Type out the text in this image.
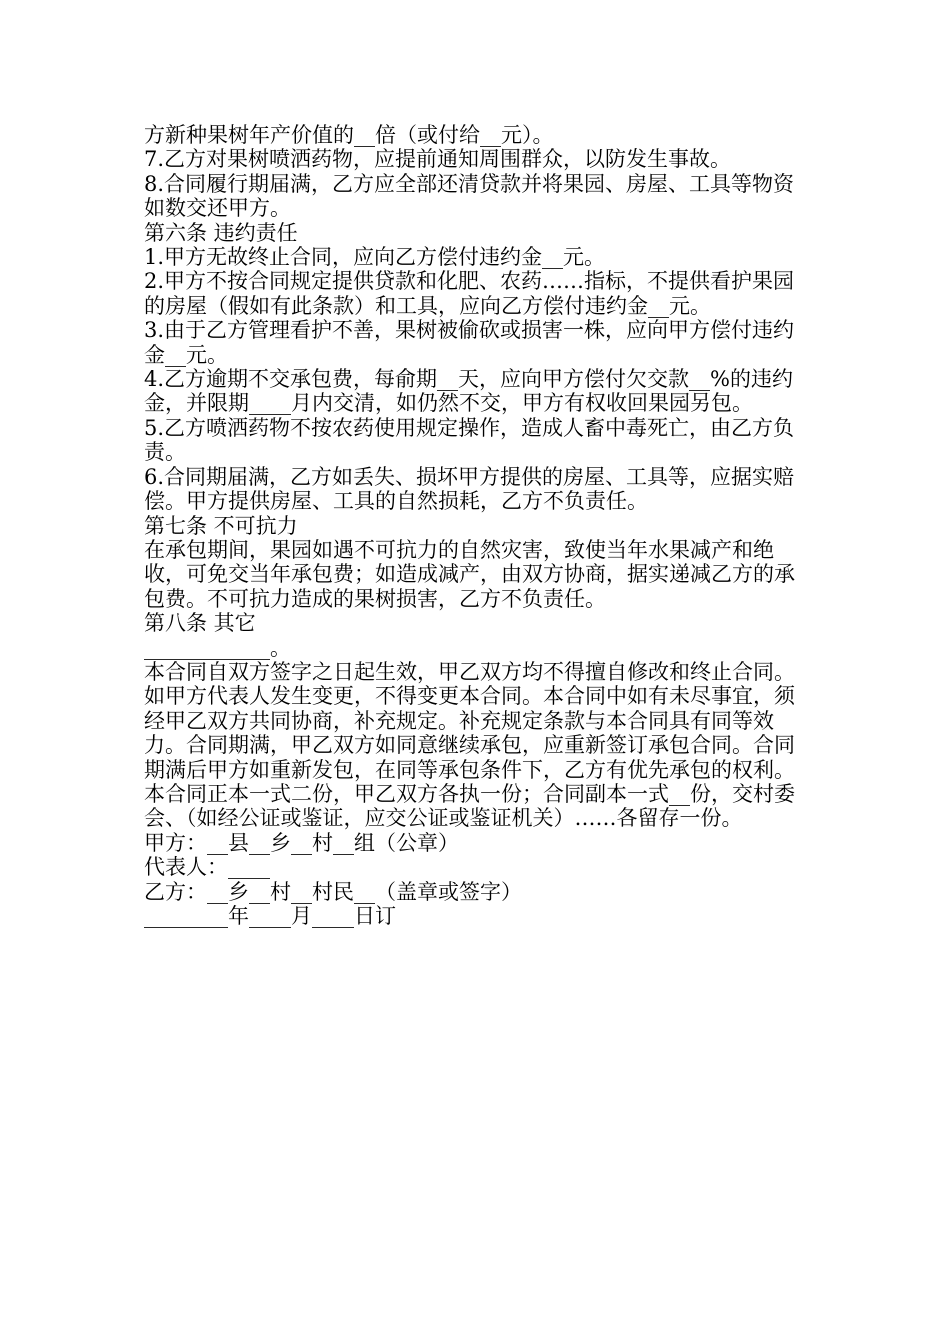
方新种果树年产价值的__倍（或付给__元）。

7.乙方对果树喷洒药物，应提前通知周围群众，以防发生事故。

8.合同履行期届满，乙方应全部还清贷款并将果园、房屋、工具等物资如数交还甲方。

第六条 违约责任

1.甲方无故终止合同，应向乙方偿付违约金__元。

2.甲方不按合同规定提供贷款和化肥、农药……指标，不提供看护果园的房屋（假如有此条款）和工具，应向乙方偿付违约金__元。

3.由于乙方管理看护不善，果树被偷砍或损害一株，应向甲方偿付违约金__元。

4.乙方逾期不交承包费，每俞期__天，应向甲方偿付欠交款__%的违约金，并限期____月内交清，如仍然不交，甲方有权收回果园另包。

5.乙方喷洒药物不按农药使用规定操作，造成人畜中毒死亡，由乙方负责。

6.合同期届满，乙方如丢失、损坏甲方提供的房屋、工具等，应据实赔偿。甲方提供房屋、工具的自然损耗，乙方不负责任。

第七条 不可抗力

在承包期间，果园如遇不可抗力的自然灾害，致使当年水果减产和绝收，可免交当年承包费；如造成减产，由双方协商，据实递减乙方的承包费。不可抗力造成的果树损害，乙方不负责任。

第八条 其它

____________。

本合同自双方签字之日起生效，甲乙双方均不得擅自修改和终止合同。如甲方代表人发生变更，不得变更本合同。本合同中如有未尽事宜，须经甲乙双方共同协商，补充规定。补充规定条款与本合同具有同等效力。合同期满，甲乙双方如同意继续承包，应重新签订承包合同。合同期满后甲方如重新发包，在同等承包条件下，乙方有优先承包的权利。

本合同正本一式二份，甲乙双方各执一份；合同副本一式__份，交村委会、（如经公证或鉴证，应交公证或鉴证机关）……各留存一份。

甲方：__县__乡__村__组（公章）

代表人：____

乙方：__乡__村__村民__（盖章或签字）

________年____月____日订
